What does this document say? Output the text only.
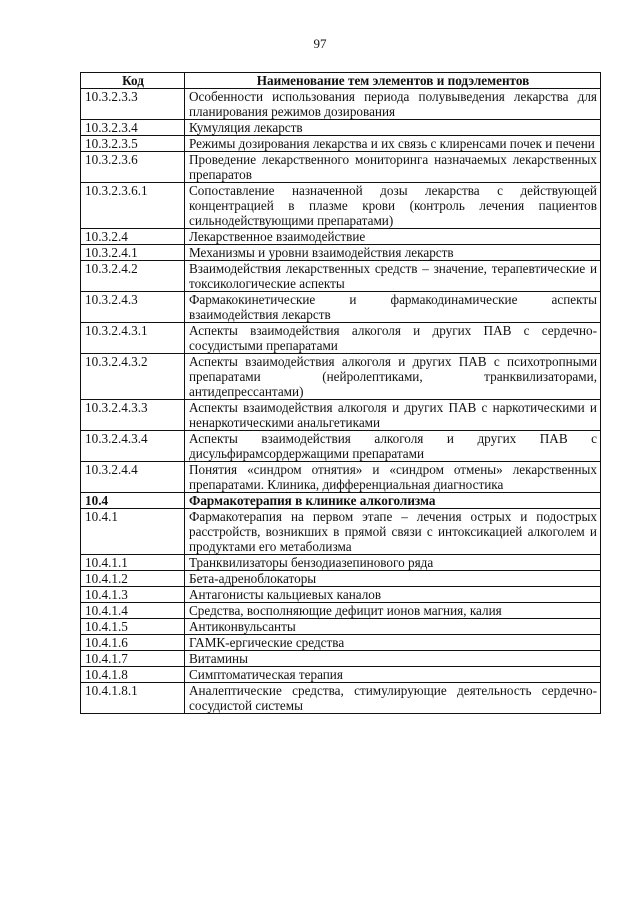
97
Код	Наименование тем элементов и подэлементов
10.3.2.3.3	Особенности использования периода полувыведения лекарства для планирования режимов дозирования
10.3.2.3.4	Кумуляция лекарств
10.3.2.3.5	Режимы дозирования лекарства и их связь с клиренсами почек и печени
10.3.2.3.6	Проведение лекарственного мониторинга назначаемых лекарственных препаратов
10.3.2.3.6.1	Сопоставление назначенной дозы лекарства с действующей концентрацией в плазме крови (контроль лечения пациентов сильнодействующими препаратами)
10.3.2.4	Лекарственное взаимодействие
10.3.2.4.1	Механизмы и уровни взаимодействия лекарств
10.3.2.4.2	Взаимодействия лекарственных средств – значение, терапевтические и токсикологические аспекты
10.3.2.4.3	Фармакокинетические и фармакодинамические аспекты взаимодействия лекарств
10.3.2.4.3.1	Аспекты взаимодействия алкоголя и других ПАВ с сердечно-сосудистыми препаратами
10.3.2.4.3.2	Аспекты взаимодействия алкоголя и других ПАВ с психотропными препаратами (нейролептиками, транквилизаторами, антидепрессантами)
10.3.2.4.3.3	Аспекты взаимодействия алкоголя и других ПАВ с наркотическими и ненаркотическими анальгетиками
10.3.2.4.3.4	Аспекты взаимодействия алкоголя и других ПАВ с дисульфирамсордержащими препаратами
10.3.2.4.4	Понятия «синдром отнятия» и «синдром отмены» лекарственных препаратами. Клиника, дифференциальная диагностика
10.4	Фармакотерапия в клинике алкоголизма
10.4.1	Фармакотерапия на первом этапе – лечения острых и подострых расстройств, возникших в прямой связи с интоксикацией алкоголем и продуктами его метаболизма
10.4.1.1	Транквилизаторы бензодиазепинового ряда
10.4.1.2	Бета-адреноблокаторы
10.4.1.3	Антагонисты кальциевых каналов
10.4.1.4	Средства, восполняющие дефицит ионов магния, калия
10.4.1.5	Антиконвульсанты
10.4.1.6	ГАМК-ергические средства
10.4.1.7	Витамины
10.4.1.8	Симптоматическая терапия
10.4.1.8.1	Аналептические средства, стимулирующие деятельность сердечно-сосудистой системы
